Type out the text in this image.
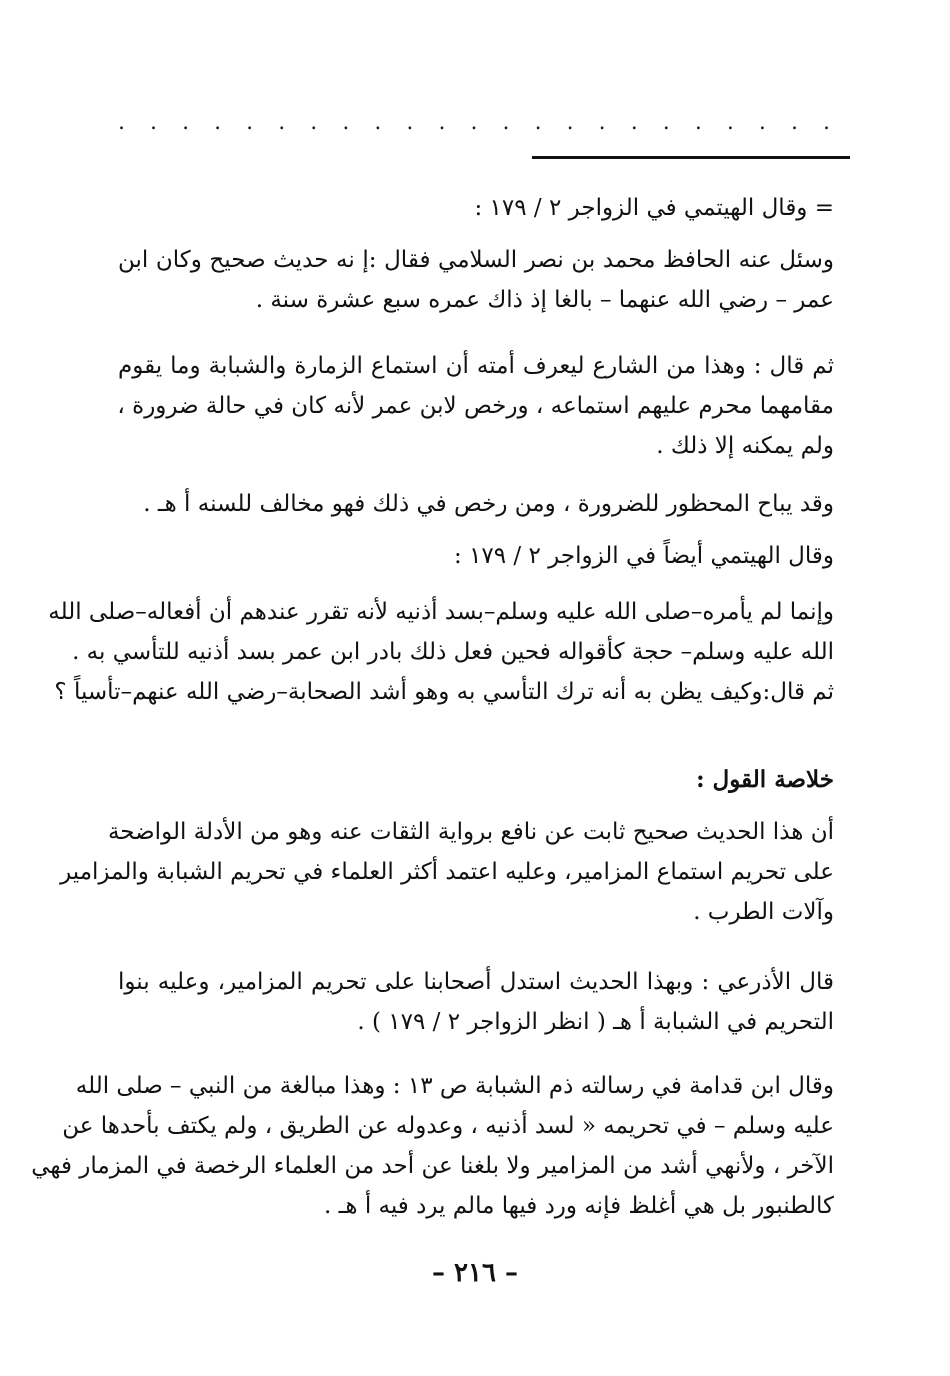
. . . . . . . . . . . . . . . . . . . . . . .
= وقال الهيتمي في الزواجر ٢ / ١٧٩ :
وسئل عنه الحافظ محمد بن نصر السلامي فقال :إ نه حديث صحيح وكان ابن
عمر – رضي الله عنهما – بالغا إذ ذاك عمره سبع عشرة سنة .
ثم قال : وهذا من الشارع ليعرف أمته أن استماع الزمارة والشبابة وما يقوم
مقامهما محرم عليهم استماعه ، ورخص لابن عمر لأنه كان في حالة ضرورة ،
ولم يمكنه إلا ذلك .
وقد يباح المحظور للضرورة ، ومن رخص في ذلك فهو مخالف للسنه أ هـ .
وقال الهيتمي أيضاً في الزواجر ٢ / ١٧٩ :
وإنما لم يأمره–صلى الله عليه وسلم–بسد أذنيه لأنه تقرر عندهم أن أفعاله–صلى الله
الله عليه وسلم– حجة كأقواله فحين فعل ذلك بادر ابن عمر بسد أذنيه للتأسي به .
ثم قال:وكيف يظن به أنه ترك التأسي به وهو أشد الصحابة–رضي الله عنهم–تأسياً ؟
خلاصة القول :
أن هذا الحديث صحيح ثابت عن نافع برواية الثقات عنه وهو من الأدلة الواضحة
على تحريم استماع المزامير، وعليه اعتمد أكثر العلماء في تحريم الشبابة والمزامير
وآلات الطرب .
قال الأذرعي : وبهذا الحديث استدل أصحابنا على تحريم المزامير، وعليه بنوا
التحريم في الشبابة أ هـ ( انظر الزواجر ٢ / ١٧٩ ) .
وقال ابن قدامة في رسالته ذم الشبابة ص ١٣ : وهذا مبالغة من النبي – صلى الله
عليه وسلم – في تحريمه « لسد أذنيه ، وعدوله عن الطريق ، ولم يكتف بأحدها عن
الآخر ، ولأنهي أشد من المزامير ولا بلغنا عن أحد من العلماء الرخصة في المزمار فهي
كالطنبور بل هي أغلظ فإنه ورد فيها مالم يرد فيه أ هـ .
– ٢١٦ –
